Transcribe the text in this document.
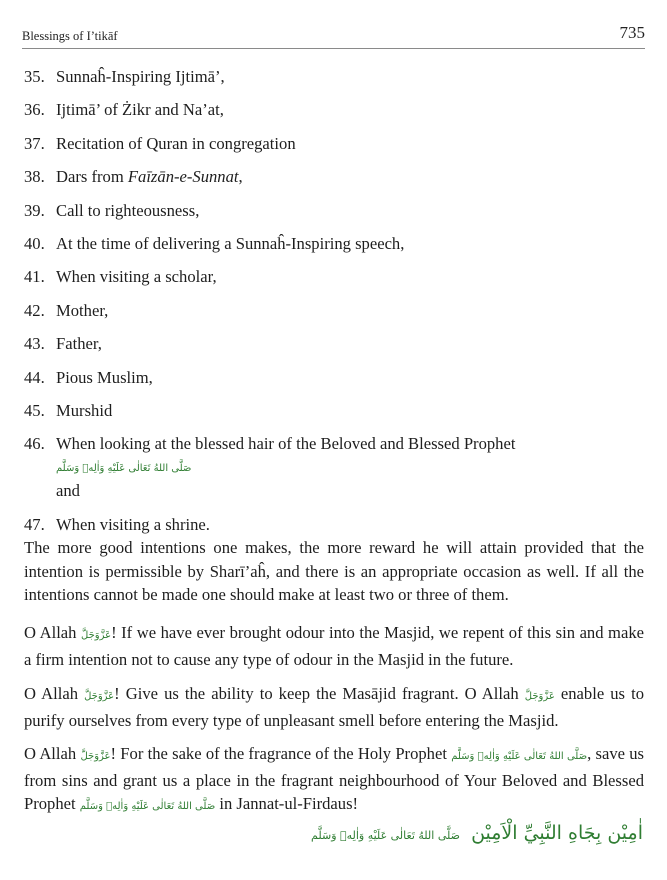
Blessings of I’tikāf	735
35. Sunnaĥ-Inspiring Ijtimā’,
36. Ijtimā’ of Żikr and Na’at,
37. Recitation of Quran in congregation
38. Dars from Faīzān-e-Sunnat,
39. Call to righteousness,
40. At the time of delivering a Sunnaĥ-Inspiring speech,
41. When visiting a scholar,
42. Mother,
43. Father,
44. Pious Muslim,
45. Murshid
46. When looking at the blessed hair of the Beloved and Blessed Prophet صَلَّى اللهُ تَعَالٰى عَلَيْهِ وَاٰلِهٖ وَسَلَّم
and
47. When visiting a shrine.

The more good intentions one makes, the more reward he will attain provided that the intention is permissible by Sharī’aĥ, and there is an appropriate occasion as well. If all the intentions cannot be made one should make at least two or three of them.

O Allah عَزَّوَجَلَّ! If we have ever brought odour into the Masjid, we repent of this sin and make a firm intention not to cause any type of odour in the Masjid in the future.

O Allah عَزَّوَجَلَّ! Give us the ability to keep the Masājid fragrant. O Allah عَزَّوَجَلَّ enable us to purify ourselves from every type of unpleasant smell before entering the Masjid.

O Allah عَزَّوَجَلَّ! For the sake of the fragrance of the Holy Prophet صَلَّى اللهُ تَعَالٰى عَلَيْهِ وَاٰلِهٖ وَسَلَّم, save us from sins and grant us a place in the fragrant neighbourhood of Your Beloved and Blessed Prophet صَلَّى اللهُ تَعَالٰى عَلَيْهِ وَاٰلِهٖ وَسَلَّم in Jannat-ul-Firdaus!

اٰمِيْن بِجَاهِ النَّبِيِّ الْاَمِيْن صَلَّى اللهُ تَعَالٰى عَلَيْهِ وَاٰلِهٖ وَسَلَّم
